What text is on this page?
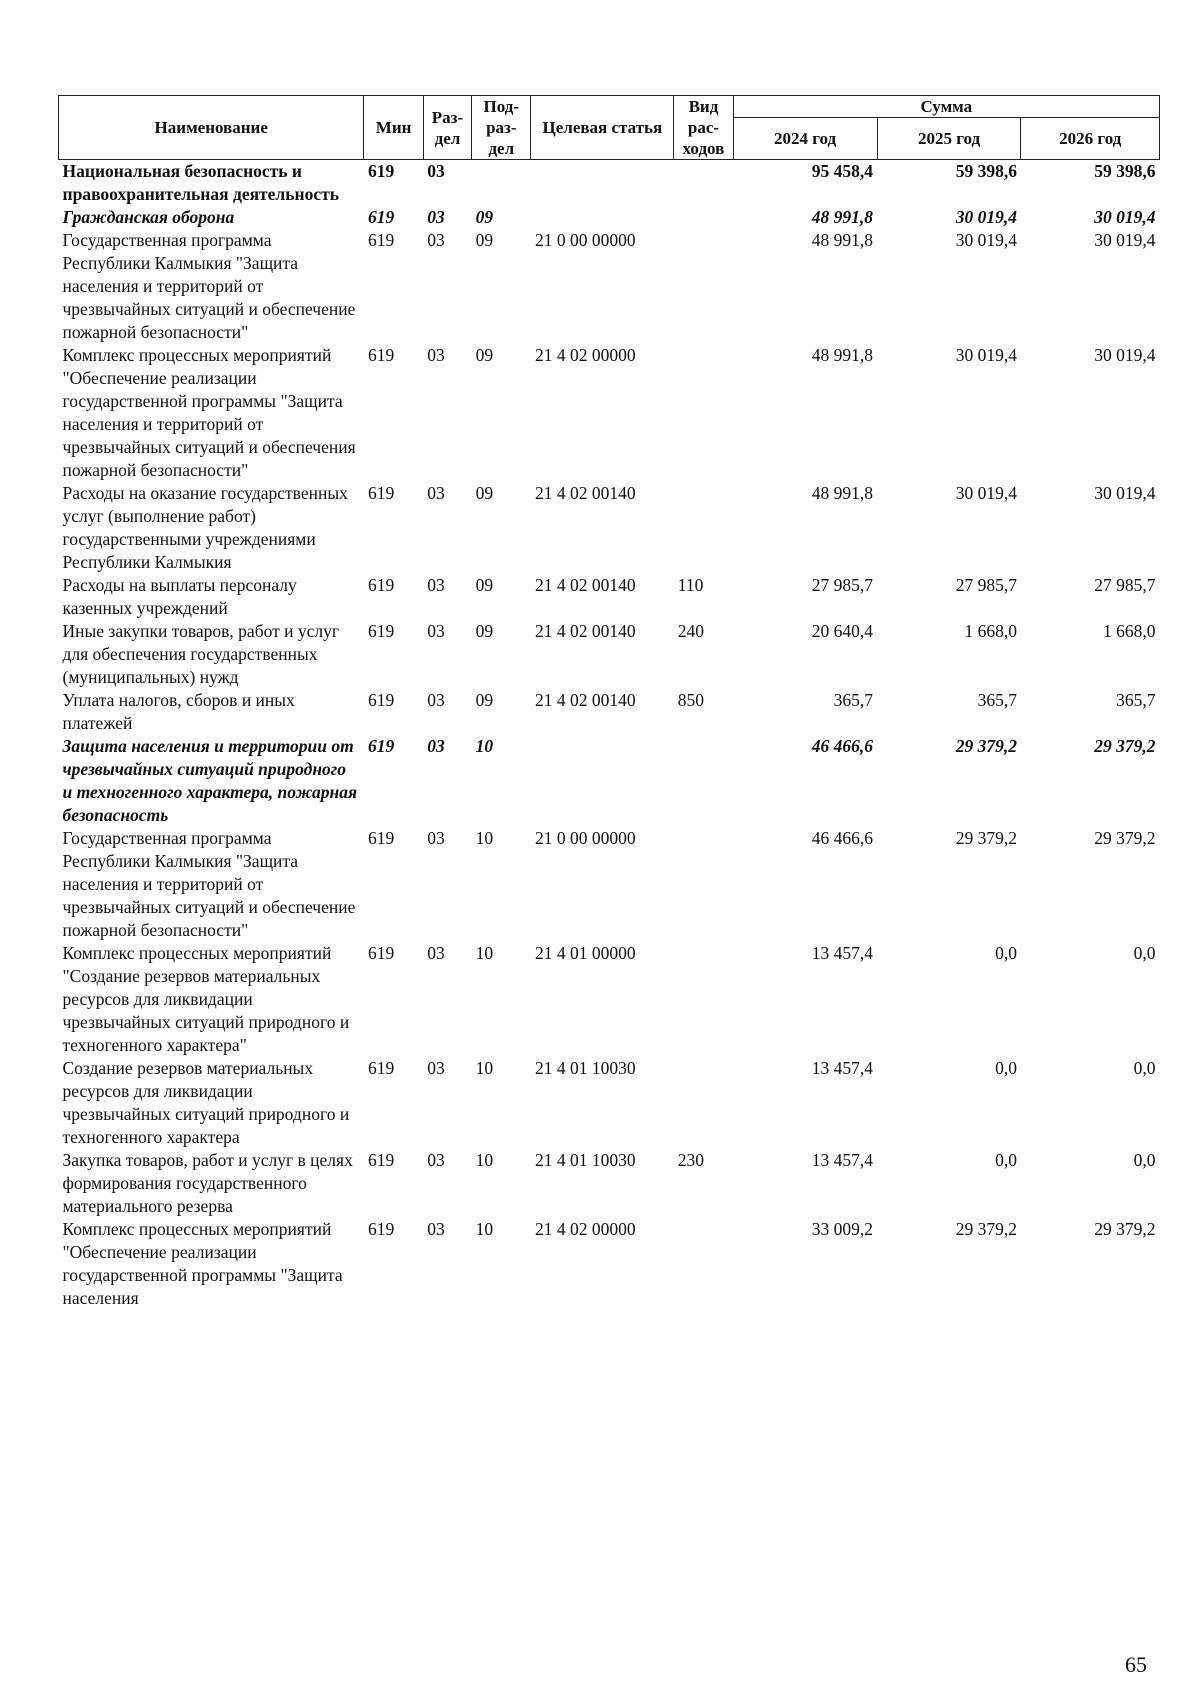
Наименование	Мин	Раз-дел	Под-раз-дел	Целевая статья	Вид рас-ходов	Сумма		
						2024 год	2025 год	2026 год
Национальная безопасность и правоохранительная деятельность	619	03				95 458,4	59 398,6	59 398,6
Гражданская оборона	619	03	09			48 991,8	30 019,4	30 019,4
Государственная программа Республики Калмыкия "Защита населения и территорий от чрезвычайных ситуаций и обеспечение пожарной безопасности"	619	03	09	21 0 00 00000		48 991,8	30 019,4	30 019,4
Комплекс процессных мероприятий "Обеспечение реализации государственной программы "Защита населения и территорий от чрезвычайных ситуаций и обеспечения пожарной безопасности"	619	03	09	21 4 02 00000		48 991,8	30 019,4	30 019,4
Расходы на оказание государственных услуг (выполнение работ) государственными учреждениями Республики Калмыкия	619	03	09	21 4 02 00140		48 991,8	30 019,4	30 019,4
Расходы на выплаты персоналу казенных учреждений	619	03	09	21 4 02 00140	110	27 985,7	27 985,7	27 985,7
Иные закупки товаров, работ и услуг для обеспечения государственных (муниципальных) нужд	619	03	09	21 4 02 00140	240	20 640,4	1 668,0	1 668,0
Уплата налогов, сборов и иных платежей	619	03	09	21 4 02 00140	850	365,7	365,7	365,7
Защита населения и территории от чрезвычайных ситуаций природного и техногенного характера, пожарная безопасность	619	03	10			46 466,6	29 379,2	29 379,2
Государственная программа Республики Калмыкия "Защита населения и территорий от чрезвычайных ситуаций и обеспечение пожарной безопасности"	619	03	10	21 0 00 00000		46 466,6	29 379,2	29 379,2
Комплекс процессных мероприятий "Создание резервов материальных ресурсов для ликвидации чрезвычайных ситуаций природного и техногенного характера"	619	03	10	21 4 01 00000		13 457,4	0,0	0,0
Создание резервов материальных ресурсов для ликвидации чрезвычайных ситуаций природного и техногенного характера	619	03	10	21 4 01 10030		13 457,4	0,0	0,0
Закупка товаров, работ и услуг в целях формирования государственного материального резерва	619	03	10	21 4 01 10030	230	13 457,4	0,0	0,0
Комплекс процессных мероприятий "Обеспечение реализации государственной программы "Защита населения	619	03	10	21 4 02 00000		33 009,2	29 379,2	29 379,2
65
